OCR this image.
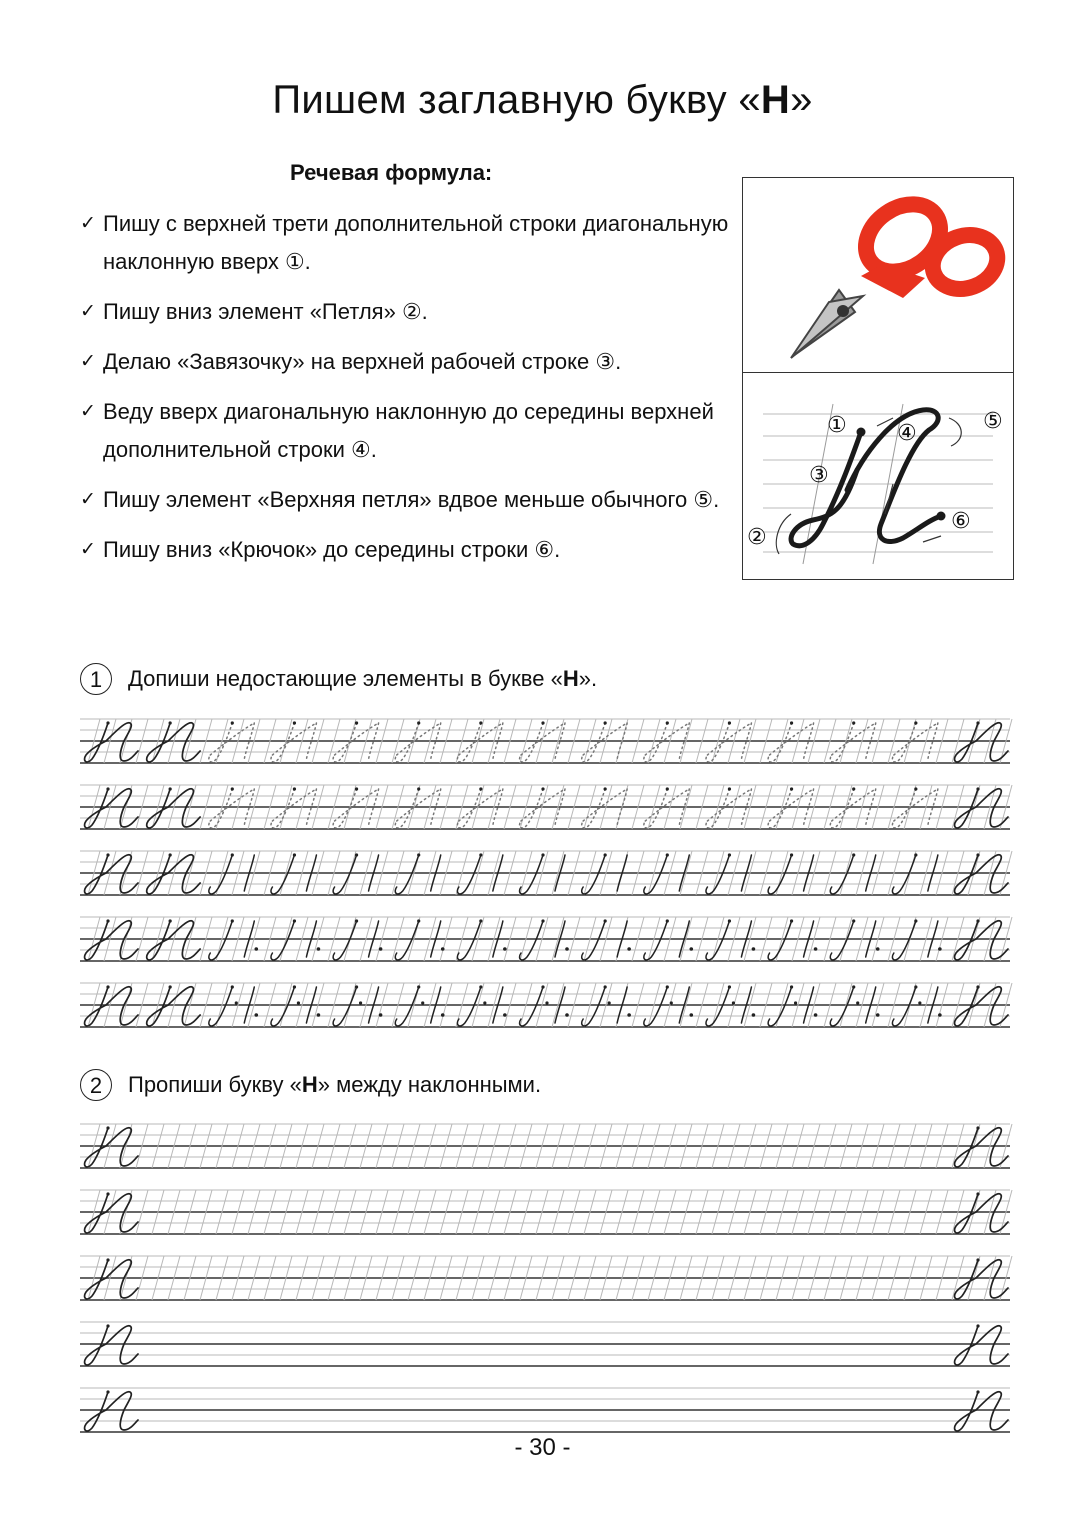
Пишем заглавную букву «Н»
Речевая формула:
✓ Пишу с верхней трети дополнительной строки диагональную наклонную вверх ①.
✓ Пишу вниз элемент «Петля» ②.
✓ Делаю «Завязочку» на верхней рабочей строке ③.
✓ Веду вверх диагональную наклонную до середины верхней дополнительной строки ④.
✓ Пишу элемент «Верхняя петля» вдвое меньше обычного ⑤.
✓ Пишу вниз «Крючок» до середины строки ⑥.
①
②
③
④	⑤
⑥
1	Допиши недостающие элементы в букве «Н».
2	Пропиши букву «Н» между наклонными.
- 30 -
